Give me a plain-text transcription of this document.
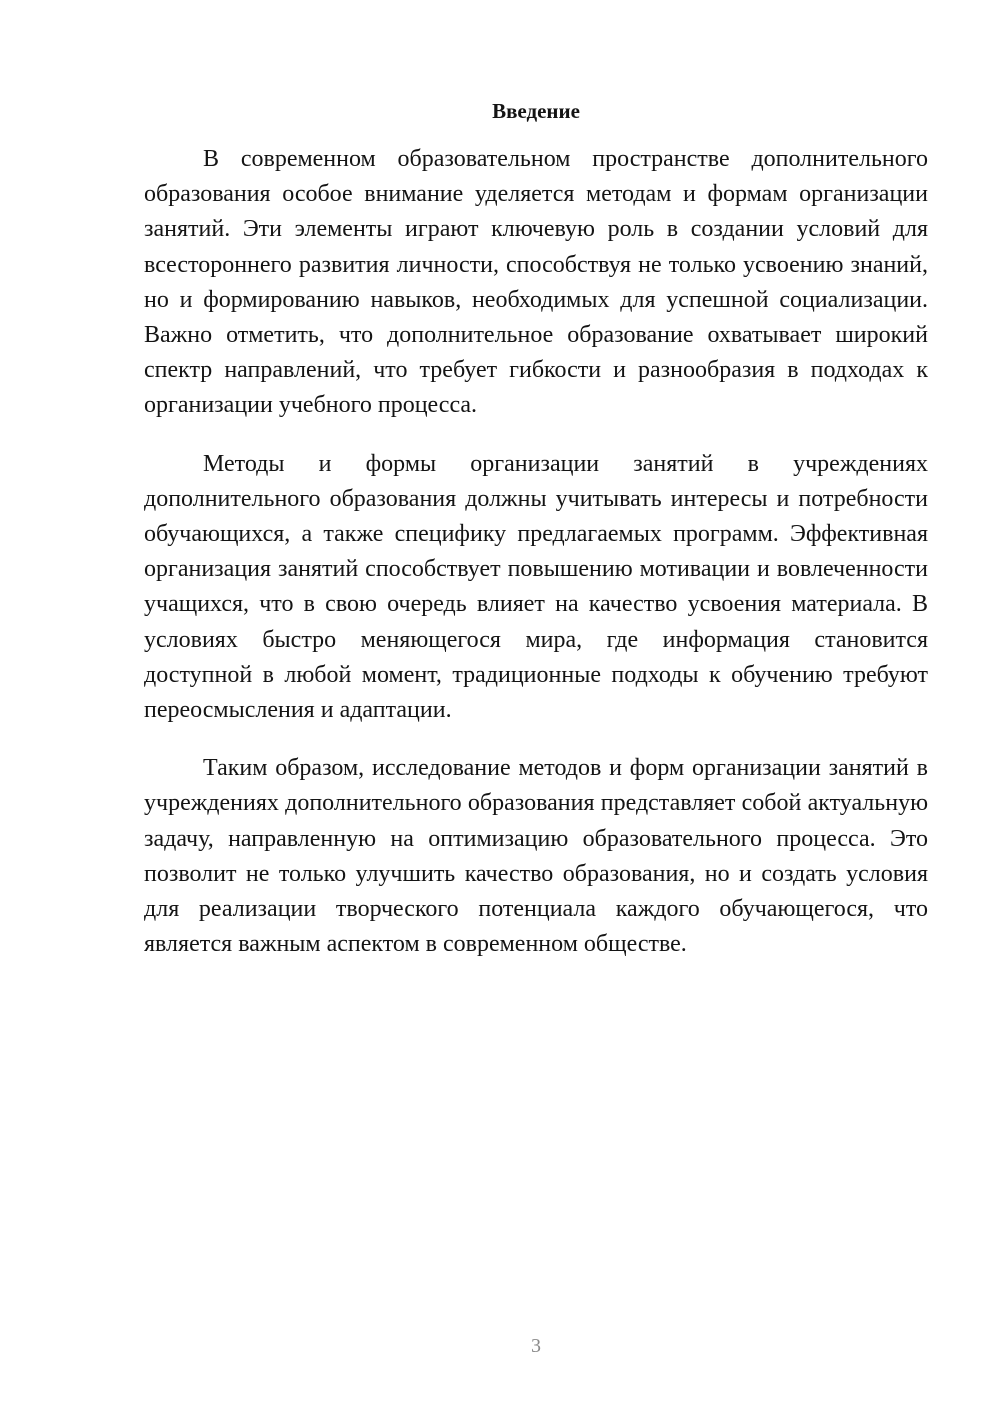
Введение

В современном образовательном пространстве дополнительного образования особое внимание уделяется методам и формам организации занятий. Эти элементы играют ключевую роль в создании условий для всестороннего развития личности, способствуя не только усвоению знаний, но и формированию навыков, необходимых для успешной социализации. Важно отметить, что дополнительное образование охватывает широкий спектр направлений, что требует гибкости и разнообразия в подходах к организации учебного процесса.

Методы и формы организации занятий в учреждениях дополнительного образования должны учитывать интересы и потребности обучающихся, а также специфику предлагаемых программ. Эффективная организация занятий способствует повышению мотивации и вовлеченности учащихся, что в свою очередь влияет на качество усвоения материала. В условиях быстро меняющегося мира, где информация становится доступной в любой момент, традиционные подходы к обучению требуют переосмысления и адаптации.

Таким образом, исследование методов и форм организации занятий в учреждениях дополнительного образования представляет собой актуальную задачу, направленную на оптимизацию образовательного процесса. Это позволит не только улучшить качество образования, но и создать условия для реализации творческого потенциала каждого обучающегося, что является важным аспектом в современном обществе.

3
